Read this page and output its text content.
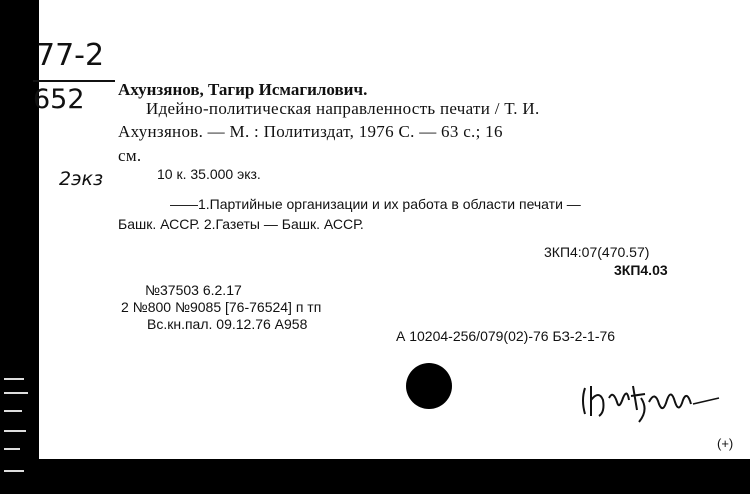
77-2
652
2экз
Ахунзянов, Тагир Исмагилович.
Идейно-политическая направленность печати / Т. И.
Ахунзянов. — М. : Политиздат, 1976 С. — 63 с.; 16
см.
10 к. 35.000 экз.
——1.Партийные организации и их работа в области печати —
Башк. АССР. 2.Газеты — Башк. АССР.
3КП4:07(470.57)
3КП4.03
№37503 6.2.17
2 №800 №9085 [76-76524] п тп
Вс.кн.пал. 09.12.76 А958
А 10204-256/079(02)-76 БЗ-2-1-76
(+)
